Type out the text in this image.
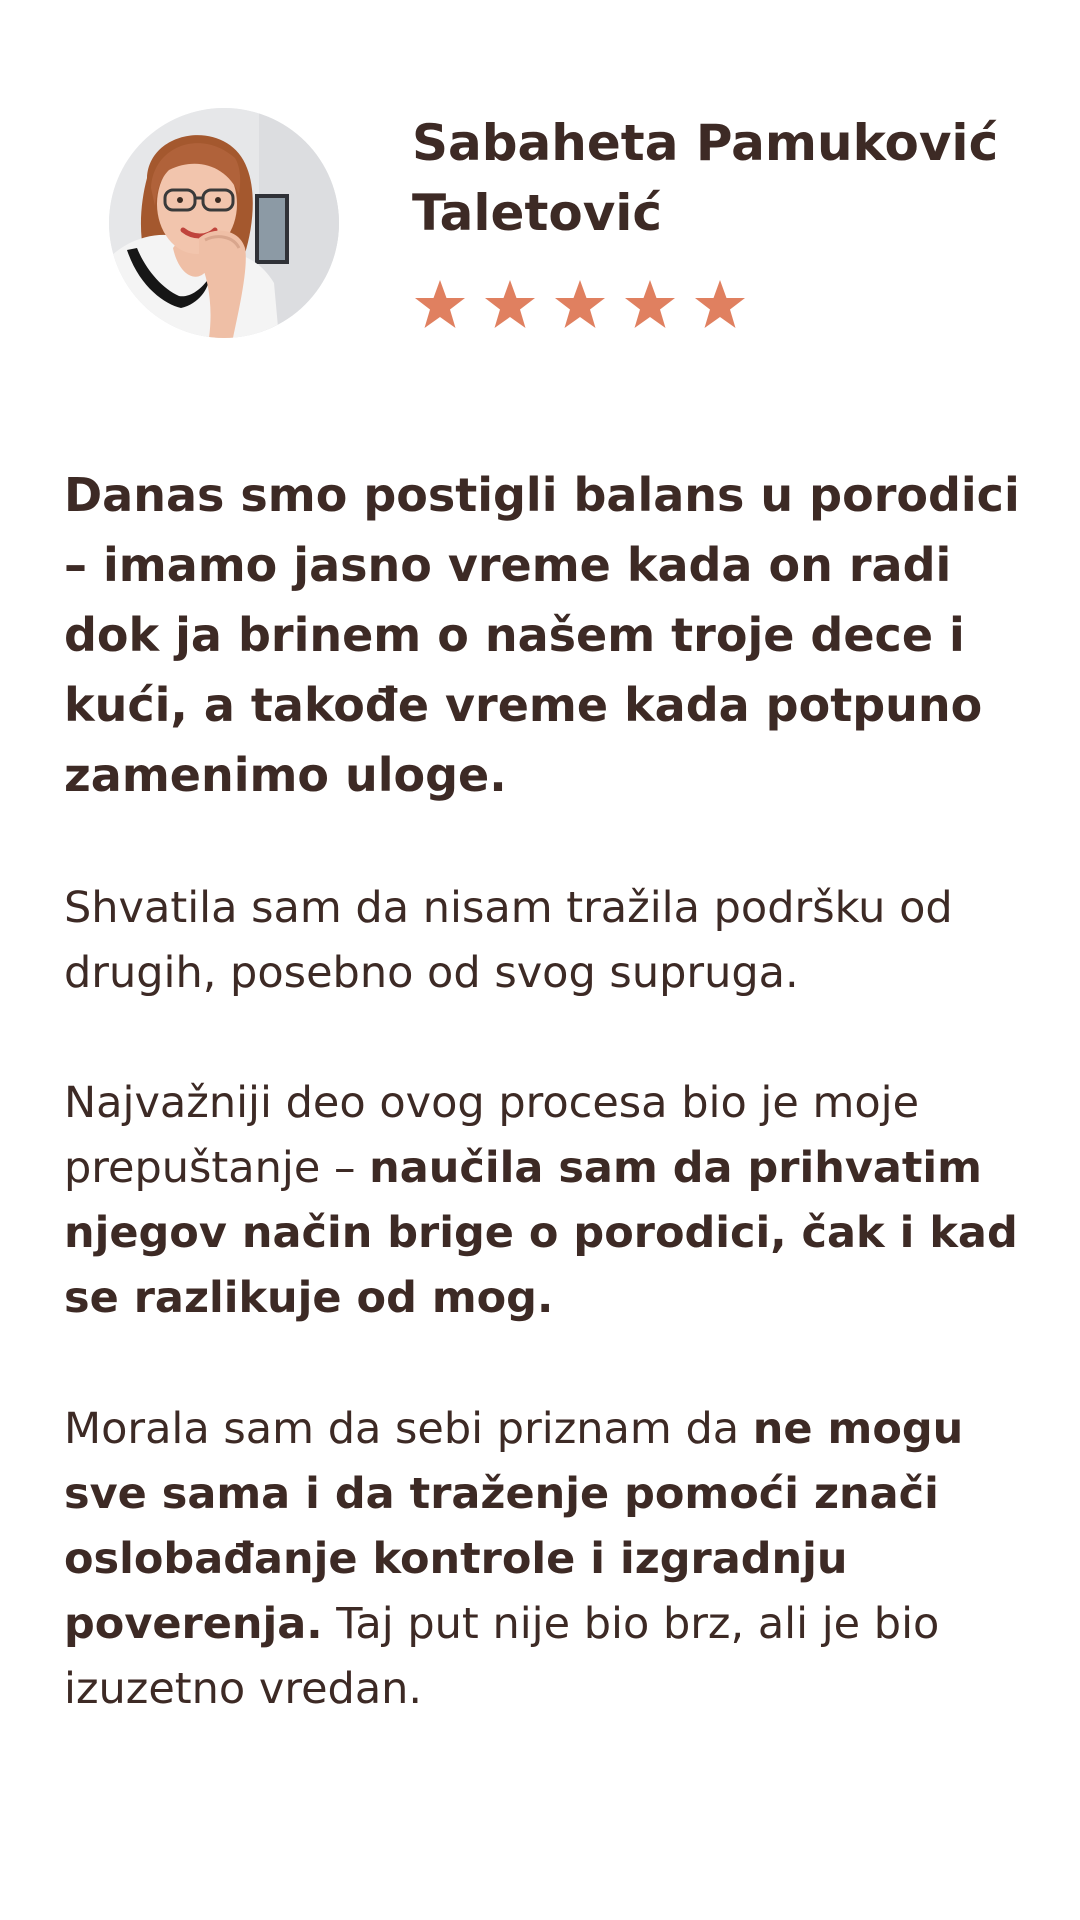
Sabaheta Pamuković Taletović

Danas smo postigli balans u porodici – imamo jasno vreme kada on radi dok ja brinem o našem troje dece i kući, a takođe vreme kada potpuno zamenimo uloge.

Shvatila sam da nisam tražila podršku od drugih, posebno od svog supruga.

Najvažniji deo ovog procesa bio je moje prepuštanje – naučila sam da prihvatim njegov način brige o porodici, čak i kad se razlikuje od mog.

Morala sam da sebi priznam da ne mogu sve sama i da traženje pomoći znači oslobađanje kontrole i izgradnju poverenja. Taj put nije bio brz, ali je bio izuzetno vredan.
